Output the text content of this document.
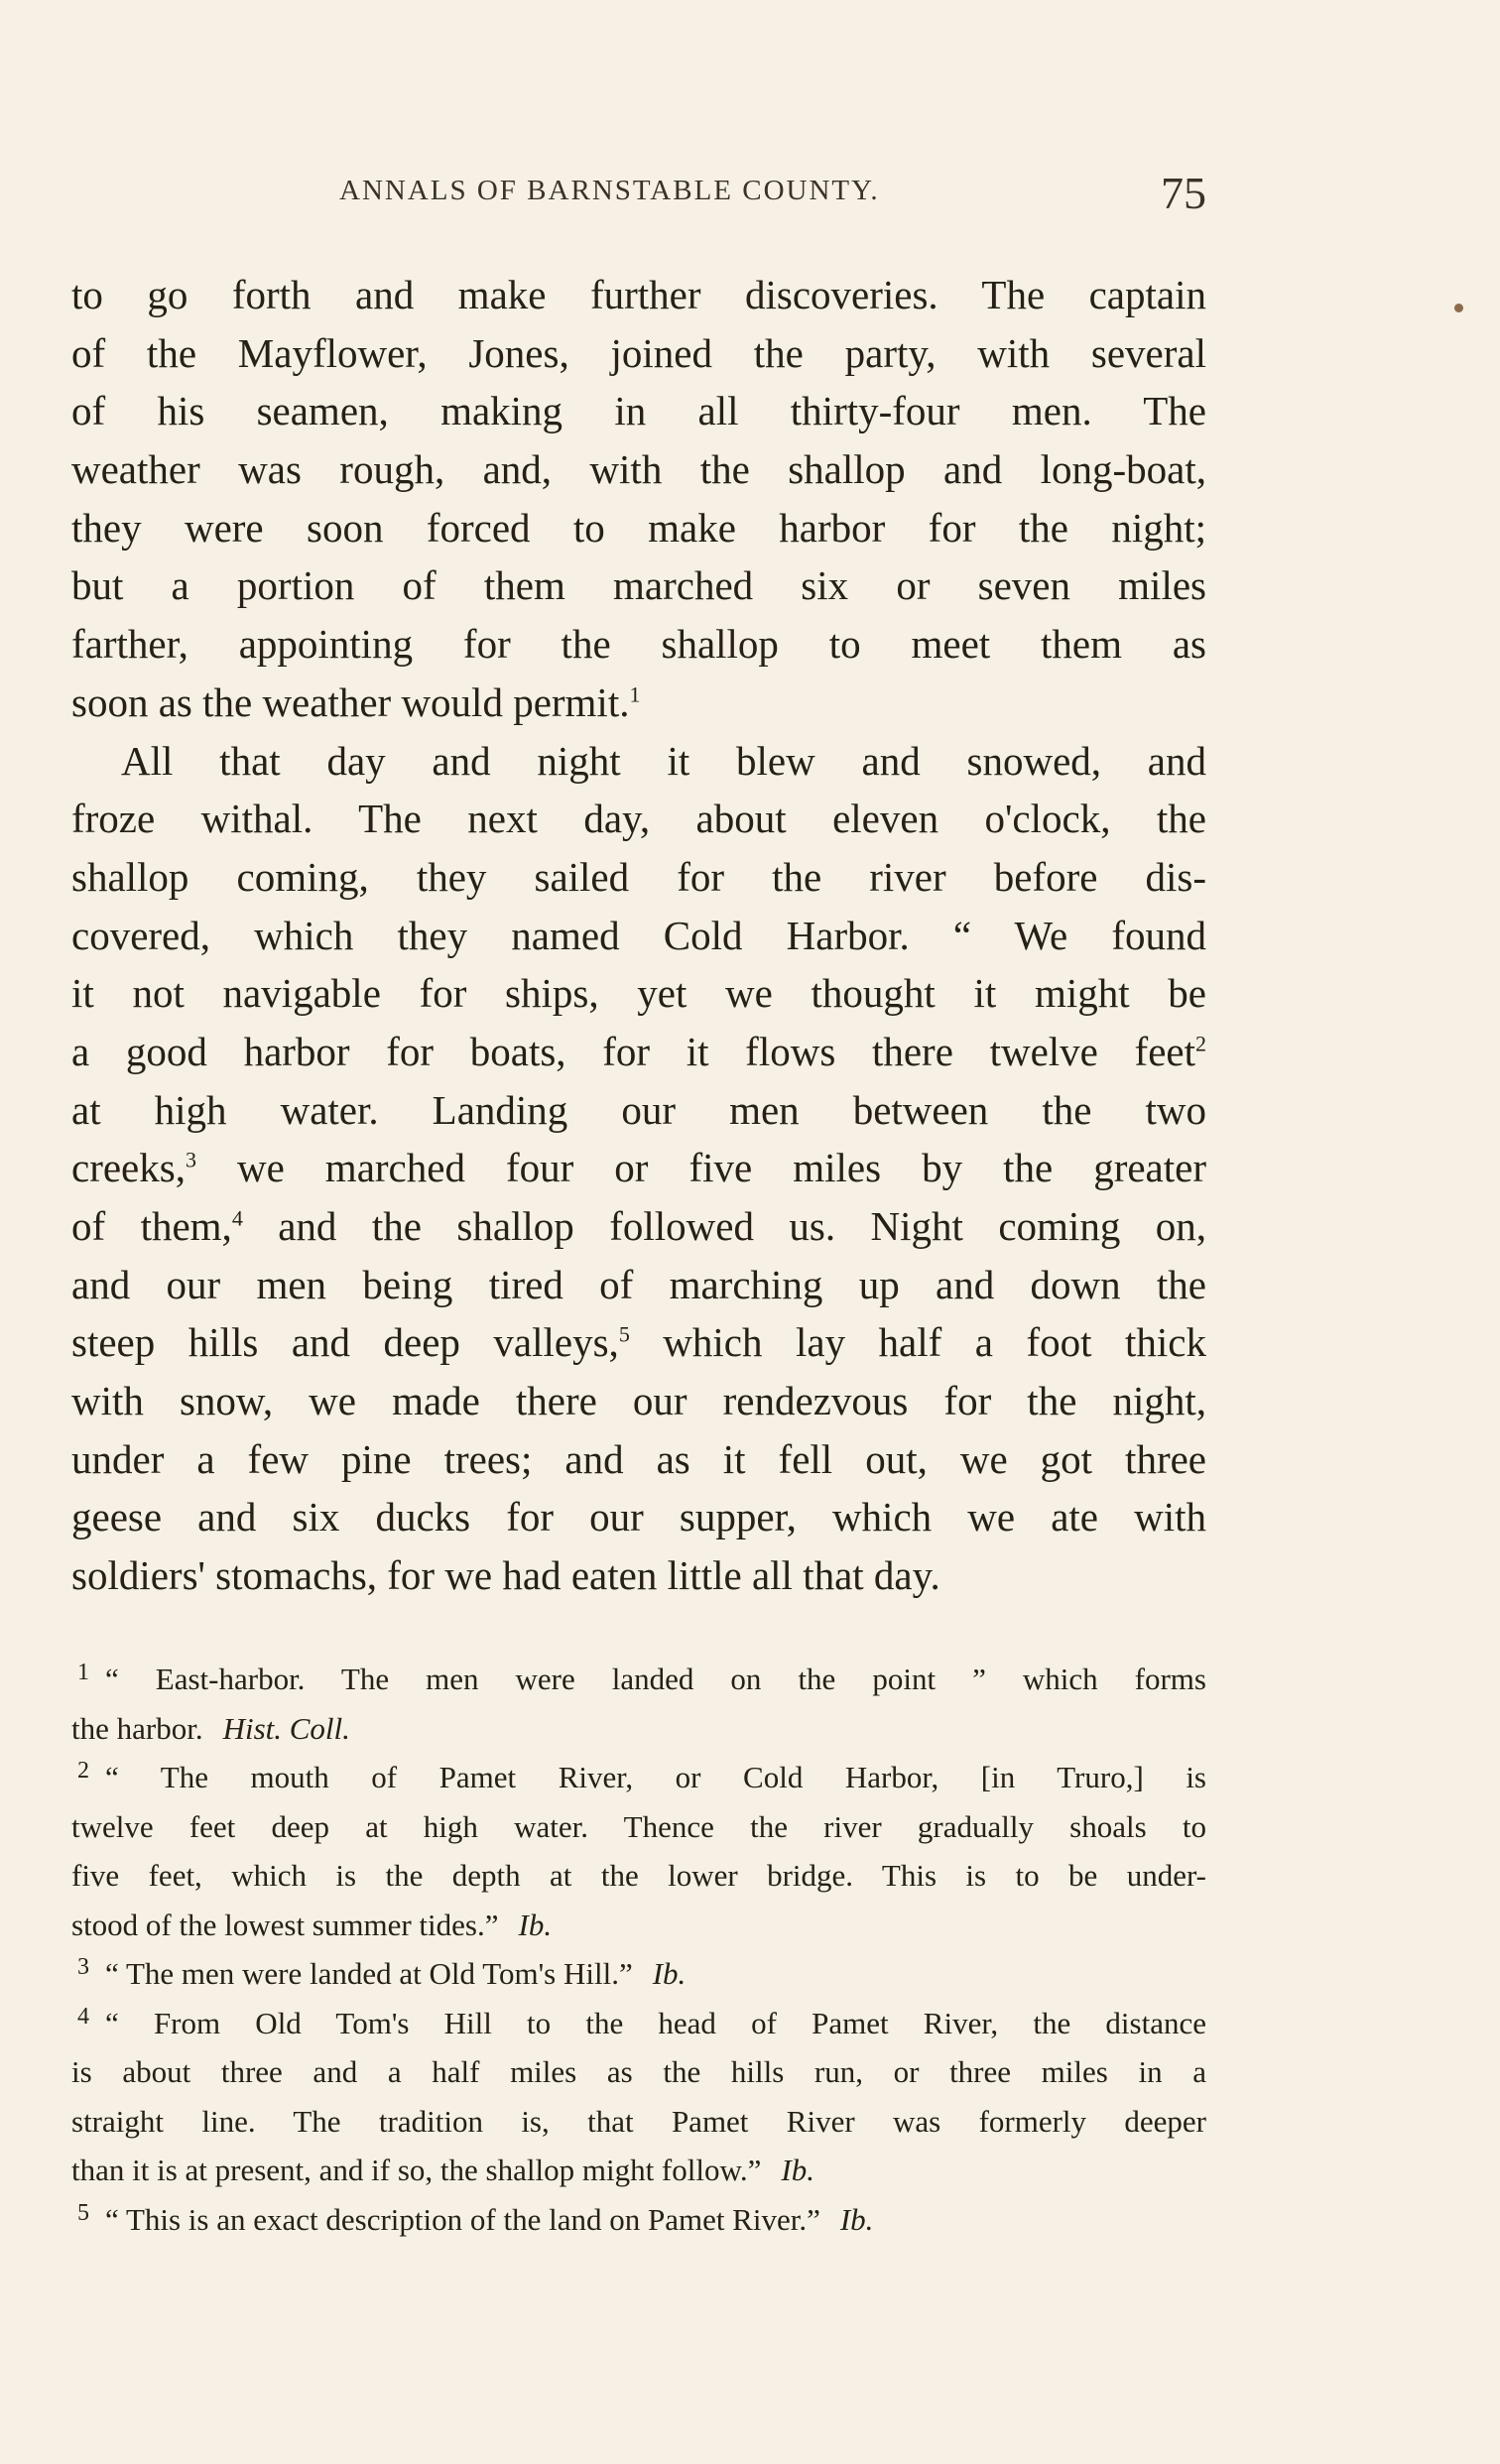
ANNALS OF BARNSTABLE COUNTY.	75
to go forth and make further discoveries. The captain
of the Mayflower, Jones, joined the party, with several
of his seamen, making in all thirty-four men. The
weather was rough, and, with the shallop and long-boat,
they were soon forced to make harbor for the night;
but a portion of them marched six or seven miles
farther, appointing for the shallop to meet them as
soon as the weather would permit.$^1$
All that day and night it blew and snowed, and
froze withal. The next day, about eleven o'clock, the
shallop coming, they sailed for the river before dis-
covered, which they named Cold Harbor. “ We found
it not navigable for ships, yet we thought it might be
a good harbor for boats, for it flows there twelve feet$^2$
at high water. Landing our men between the two
creeks,$^3$ we marched four or five miles by the greater
of them,$^4$ and the shallop followed us. Night coming on,
and our men being tired of marching up and down the
steep hills and deep valleys,$^5$ which lay half a foot thick
with snow, we made there our rendezvous for the night,
under a few pine trees; and as it fell out, we got three
geese and six ducks for our supper, which we ate with
soldiers' stomachs, for we had eaten little all that day.
1 “ East-harbor. The men were landed on the point ” which forms
the harbor. Hist. Coll.
2 “ The mouth of Pamet River, or Cold Harbor, [in Truro,] is
twelve feet deep at high water. Thence the river gradually shoals to
five feet, which is the depth at the lower bridge. This is to be under-
stood of the lowest summer tides.” Ib.
3 “ The men were landed at Old Tom's Hill.” Ib.
4 “ From Old Tom's Hill to the head of Pamet River, the distance
is about three and a half miles as the hills run, or three miles in a
straight line. The tradition is, that Pamet River was formerly deeper
than it is at present, and if so, the shallop might follow.” Ib.
5 “ This is an exact description of the land on Pamet River.” Ib.
